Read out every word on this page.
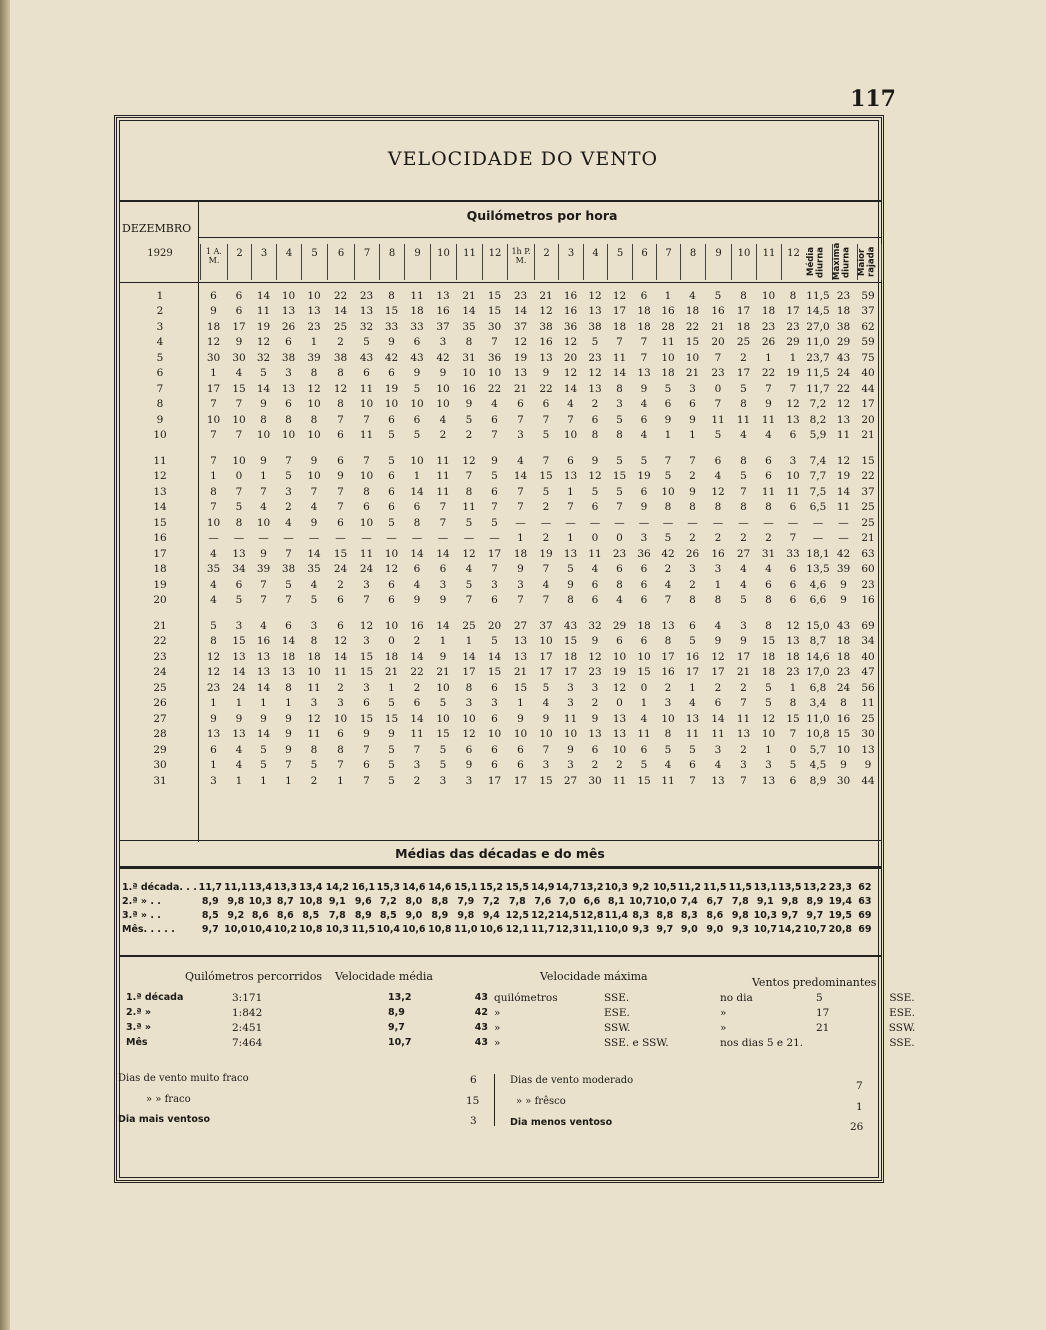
117
VELOCIDADE DO VENTO
DEZEMBRO
1929
Quilómetros por hora
1 A. M.
2	3	4	5	6	7	8	9	10	11	12	1h P. M.
2	3	4	5	6	7	8	9	10	11	12 Média diurna Máxima diurna Maior rajada
1	6	6	14	10	10	22	23	8	11	13	21	15	23	21	16	12	12	6	1	4	5	8	10	8	11,5	23	59
2	9	6	11	13	13	14	13	15	18	16	14	15	14	12	16	13	17	18	16	18	16	17	18	17	14,5	18	37
3	18	17	19	26	23	25	32	33	33	37	35	30	37	38	36	38	18	18	28	22	21	18	23	23	27,0	38	62
4	12	9	12	6	1	2	5	9	6	3	8	7	12	16	12	5	7	7	11	15	20	25	26	29	11,0	29	59
5	30	30	32	38	39	38	43	42	43	42	31	36	19	13	20	23	11	7	10	10	7	2	1	1	23,7	43	75
6	1	4	5	3	8	8	6	6	9	9	10	10	13	9	12	12	14	13	18	21	23	17	22	19	11,5	24	40
7	17	15	14	13	12	12	11	19	5	10	16	22	21	22	14	13	8	9	5	3	0	5	7	7	11,7	22	44
8	7	7	9	6	10	8	10	10	10	10	9	4	6	6	4	2	3	4	6	6	7	8	9	12	7,2	12	17
9	10	10	8	8	8	7	7	6	6	4	5	6	7	7	7	6	5	6	9	9	11	11	11	13	8,2	13	20
10	7	7	10	10	10	6	11	5	5	2	2	7	3	5	10	8	8	4	1	1	5	4	4	6	5,9	11	21

11	7	10	9	7	9	6	7	5	10	11	12	9	4	7	6	9	5	5	7	7	6	8	6	3	7,4	12	15
12	1	0	1	5	10	9	10	6	1	11	7	5	14	15	13	12	15	19	5	2	4	5	6	10	7,7	19	22
13	8	7	7	3	7	7	8	6	14	11	8	6	7	5	1	5	5	6	10	9	12	7	11	11	7,5	14	37
14	7	5	4	2	4	7	6	6	6	7	11	7	7	2	7	6	7	9	8	8	8	8	8	6	6,5	11	25
15	10	8	10	4	9	6	10	5	8	7	5	5	—	—	—	—	—	—	—	—	—	—	—	—	—	—	25
16	—	—	—	—	—	—	—	—	—	—	—	—	1	2	1	0	0	3	5	2	2	2	2	7	—	—	21
17	4	13	9	7	14	15	11	10	14	14	12	17	18	19	13	11	23	36	42	26	16	27	31	33	18,1	42	63
18	35	34	39	38	35	24	24	12	6	6	4	7	9	7	5	4	6	6	2	3	3	4	4	6	13,5	39	60
19	4	6	7	5	4	2	3	6	4	3	5	3	3	4	9	6	8	6	4	2	1	4	6	6	4,6	9	23
20	4	5	7	7	5	6	7	6	9	9	7	6	7	7	8	6	4	6	7	8	8	5	8	6	6,6	9	16

21	5	3	4	6	3	6	12	10	16	14	25	20	27	37	43	32	29	18	13	6	4	3	8	12	15,0	43	69
22	8	15	16	14	8	12	3	0	2	1	1	5	13	10	15	9	6	6	8	5	9	9	15	13	8,7	18	34
23	12	13	13	18	18	14	15	18	14	9	14	14	13	17	18	12	10	10	17	16	12	17	18	18	14,6	18	40
24	12	14	13	13	10	11	15	21	22	21	17	15	21	17	17	23	19	15	16	17	17	21	18	23	17,0	23	47
25	23	24	14	8	11	2	3	1	2	10	8	6	15	5	3	3	12	0	2	1	2	2	5	1	6,8	24	56
26	1	1	1	1	3	3	6	5	6	5	3	3	1	4	3	2	0	1	3	4	6	7	5	8	3,4	8	11
27	9	9	9	9	12	10	15	15	14	10	10	6	9	9	11	9	13	4	10	13	14	11	12	15	11,0	16	25
28	13	13	14	9	11	6	9	9	11	15	12	10	10	10	10	13	13	11	8	11	11	13	10	7	10,8	15	30
29	6	4	5	9	8	8	7	5	7	5	6	6	6	7	9	6	10	6	5	5	3	2	1	0	5,7	10	13
30	1	4	5	7	5	7	6	5	3	5	9	6	6	3	3	2	2	5	4	6	4	3	3	5	4,5	9	9
31	3	1	1	1	2	1	7	5	2	3	3	17	17	15	27	30	11	15	11	7	13	7	13	6	8,9	30	44
Médias das décadas e do mês
1.ª década. . .	11,7	11,1	13,4	13,3	13,4	14,2	16,1	15,3	14,6	14,6	15,1	15,2	15,5	14,9	14,7	13,2	10,3	9,2	10,5	11,2	11,5	11,5	13,1	13,5	13,2	23,3	62
2.ª » . .	8,9	9,8	10,3	8,7	10,8	9,1	9,6	7,2	8,0	8,8	7,9	7,2	7,8	7,6	7,0	6,6	8,1	10,7	10,0	7,4	6,7	7,8	9,1	9,8	8,9	19,4	63
3.ª » . .	8,5	9,2	8,6	8,6	8,5	7,8	8,9	8,5	9,0	8,9	9,8	9,4	12,5	12,2	14,5	12,8	11,4	8,3	8,8	8,3	8,6	9,8	10,3	9,7	9,7	19,5	69
Mês. . . . .	9,7	10,0	10,4	10,2	10,8	10,3	11,5	10,4	10,6	10,8	11,0	10,6	12,1	11,7	12,3	11,1	10,0	9,3	9,7	9,0	9,0	9,3	10,7	14,2	10,7	20,8	69
Quilómetros percorridos Velocidade média	Velocidade máxima	Ventos predominantes
1.ª década	3:171	13,2	43	quilómetros	SSE.	no dia	5	SSE.
2.ª »	1:842	8,9	42	»	ESE.	»	17	ESE.
3.ª »	2:451	9,7	43	»	SSW.	»	21	SSW.
Mês	7:464	10,7	43	»	SSE. e SSW.	nos dias 5 e 21.		SSE.
Dias de vento muito fraco	6
» » fraco	15
Dia mais ventoso	3
Dias de vento moderado	7
» » frêsco	1
Dia menos ventoso	26
